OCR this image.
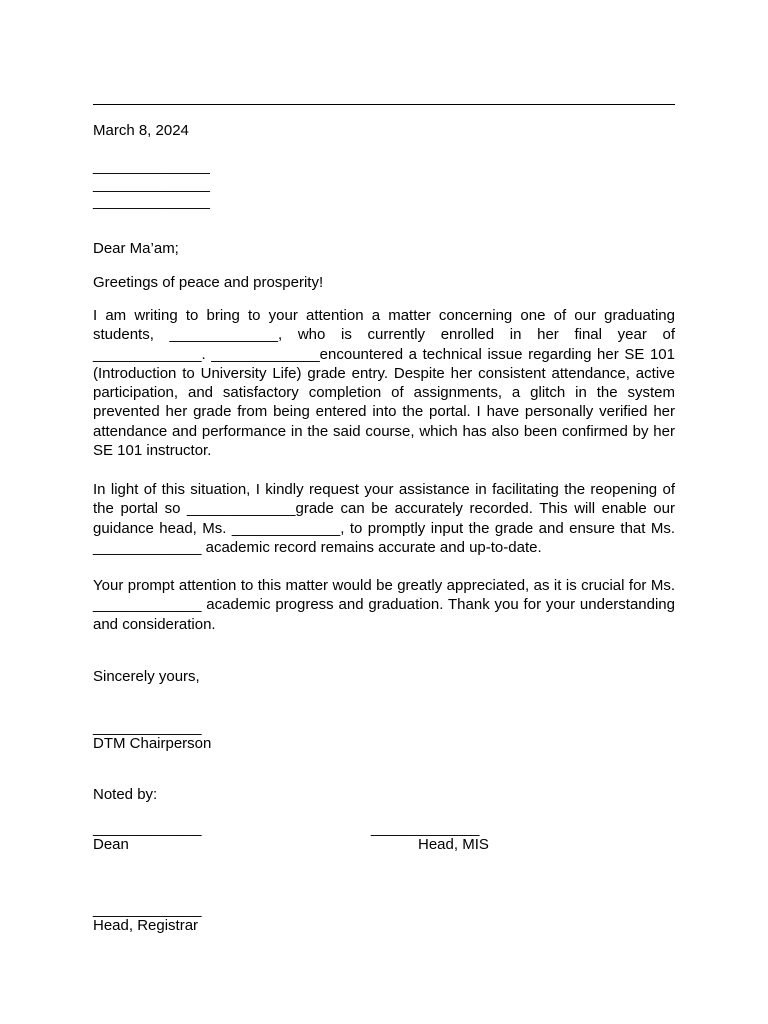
March 8, 2024
______________
______________
______________
Dear Ma’am;
Greetings of peace and prosperity!
I am writing to bring to your attention a matter concerning one of our graduating students, _____________, who is currently enrolled in her final year of _____________. _____________encountered a technical issue regarding her SE 101 (Introduction to University Life) grade entry. Despite her consistent attendance, active participation, and satisfactory completion of assignments, a glitch in the system prevented her grade from being entered into the portal. I have personally verified her attendance and performance in the said course, which has also been confirmed by her SE 101 instructor.
In light of this situation, I kindly request your assistance in facilitating the reopening of the portal so _____________grade can be accurately recorded. This will enable our guidance head, Ms. _____________, to promptly input the grade and ensure that Ms. _____________ academic record remains accurate and up-to-date.
Your prompt attention to this matter would be greatly appreciated, as it is crucial for Ms. _____________ academic progress and graduation. Thank you for your understanding and consideration.
Sincerely yours,
_____________
DTM Chairperson
Noted by:
_____________
Dean
_____________
Head, MIS
_____________
Head, Registrar
